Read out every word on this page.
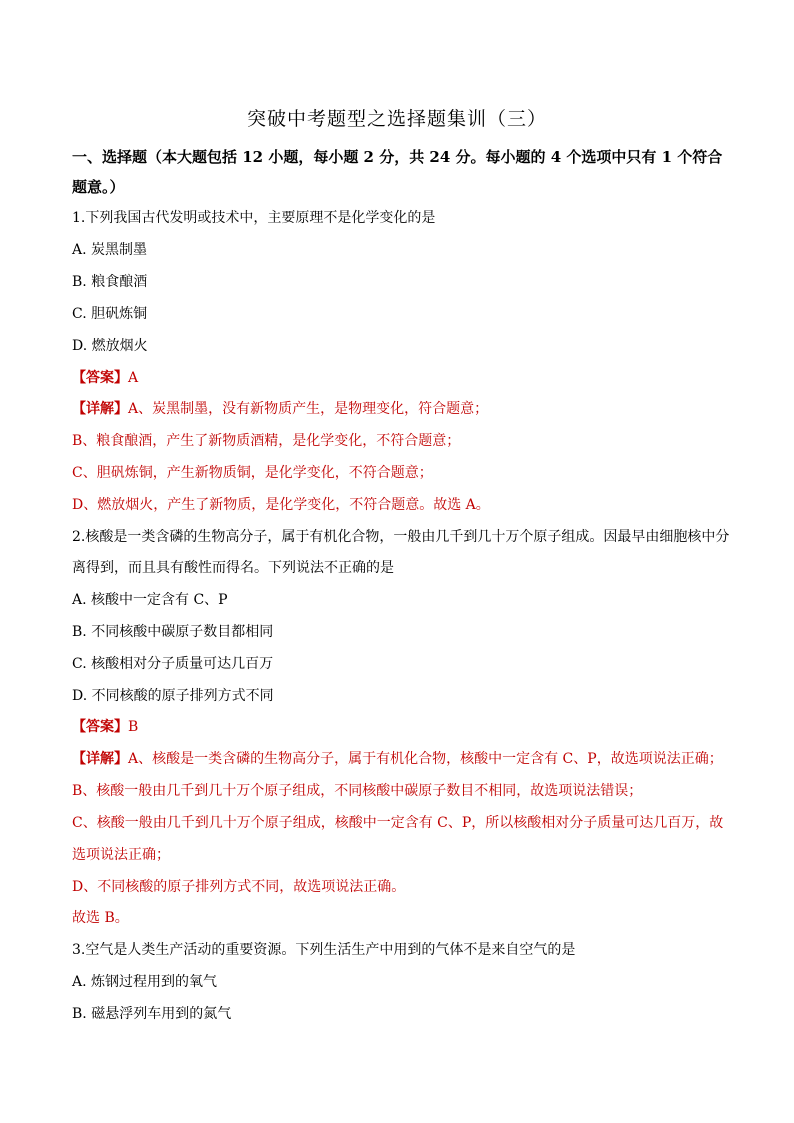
突破中考题型之选择题集训（三）
一、选择题（本大题包括 12 小题，每小题 2 分，共 24 分。每小题的 4 个选项中只有 1 个符合题意。）
1.下列我国古代发明或技术中，主要原理不是化学变化的是
A. 炭黑制墨
B. 粮食酿酒
C. 胆矾炼铜
D. 燃放烟火
【答案】A
【详解】A、炭黑制墨，没有新物质产生，是物理变化，符合题意；
B、粮食酿酒，产生了新物质酒精，是化学变化，不符合题意；
C、胆矾炼铜，产生新物质铜，是化学变化，不符合题意；
D、燃放烟火，产生了新物质，是化学变化，不符合题意。故选 A。
2.核酸是一类含磷的生物高分子，属于有机化合物，一般由几千到几十万个原子组成。因最早由细胞核中分
离得到，而且具有酸性而得名。下列说法不正确的是
A. 核酸中一定含有 C、P
B. 不同核酸中碳原子数目都相同
C. 核酸相对分子质量可达几百万
D. 不同核酸的原子排列方式不同
【答案】B
【详解】A、核酸是一类含磷的生物高分子，属于有机化合物，核酸中一定含有 C、P，故选项说法正确；
B、核酸一般由几千到几十万个原子组成，不同核酸中碳原子数目不相同，故选项说法错误；
C、核酸一般由几千到几十万个原子组成，核酸中一定含有 C、P，所以核酸相对分子质量可达几百万，故
选项说法正确；
D、不同核酸的原子排列方式不同，故选项说法正确。
故选 B。
3.空气是人类生产活动的重要资源。下列生活生产中用到的气体不是来自空气的是
A. 炼钢过程用到的氧气
B. 磁悬浮列车用到的氮气
